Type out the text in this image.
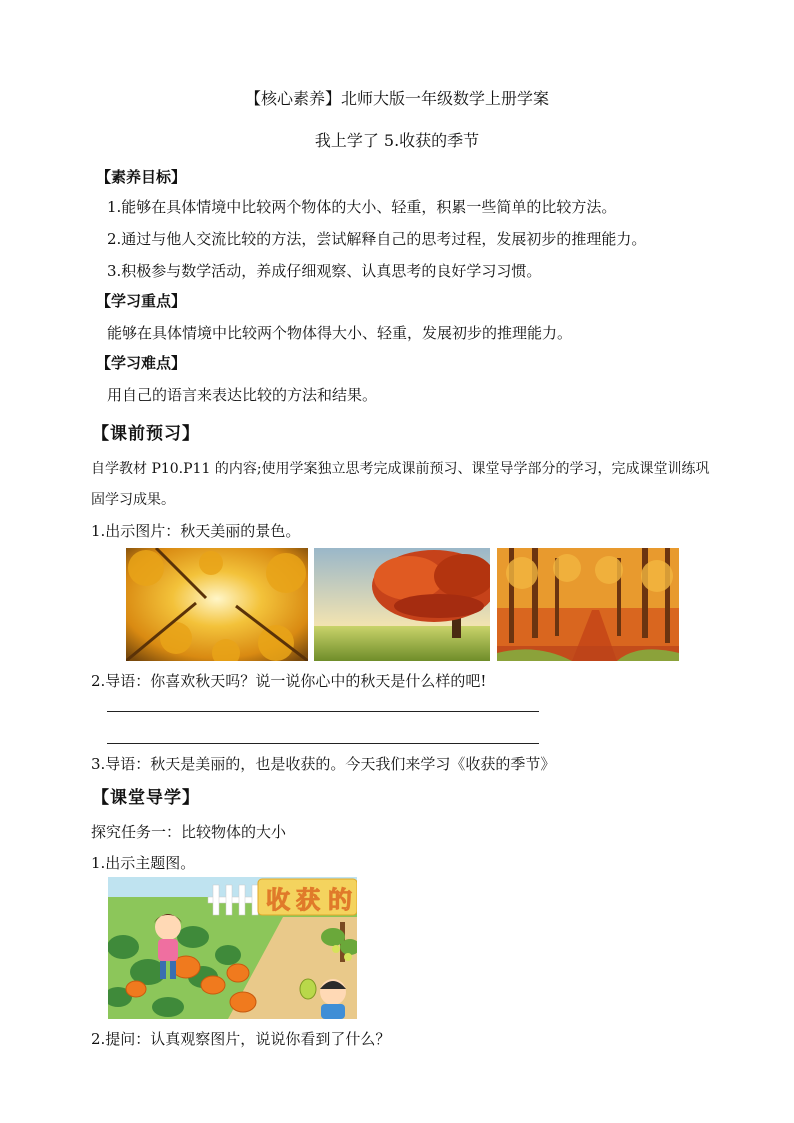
【核心素养】北师大版一年级数学上册学案
我上学了 5.收获的季节
【素养目标】
1.能够在具体情境中比较两个物体的大小、轻重，积累一些简单的比较方法。
2.通过与他人交流比较的方法，尝试解释自己的思考过程，发展初步的推理能力。
3.积极参与数学活动，养成仔细观察、认真思考的良好学习习惯。
【学习重点】
能够在具体情境中比较两个物体得大小、轻重，发展初步的推理能力。
【学习难点】
用自己的语言来表达比较的方法和结果。
【课前预习】
自学教材 P10.P11 的内容;使用学案独立思考完成课前预习、课堂导学部分的学习，完成课堂训练巩
固学习成果。
1.出示图片：秋天美丽的景色。
2.导语：你喜欢秋天吗？说一说你心中的秋天是什么样的吧!
3.导语：秋天是美丽的，也是收获的。今天我们来学习《收获的季节》
【课堂导学】
探究任务一：比较物体的大小
1.出示主题图。
收 获 的
2.提问：认真观察图片，说说你看到了什么？
